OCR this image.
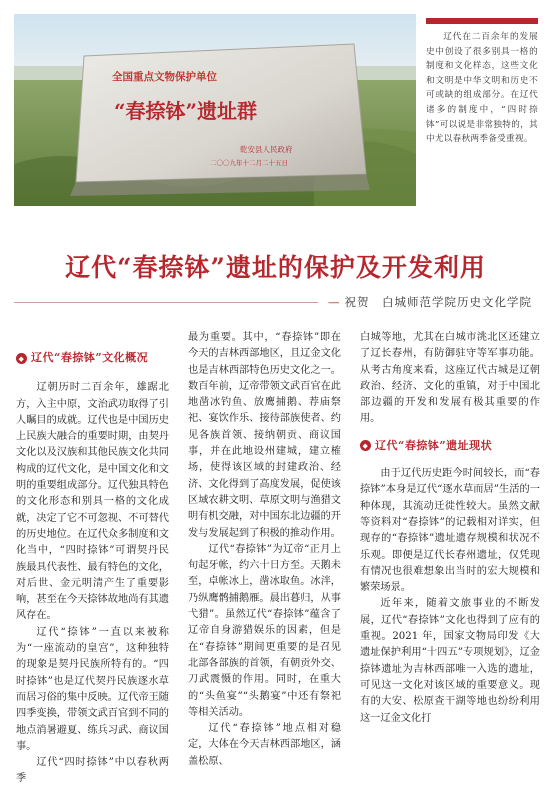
全国重点文物保护单位
“春捺钵”遗址群
乾安县人民政府
二〇〇九年十二月二十五日
辽代在二百余年的发展史中创设了很多别具一格的制度和文化样态，这些文化和文明是中华文明和历史不可或缺的组成部分。在辽代诸多的制度中，“四时捺钵”可以说是非常独特的，其中尤以春秋两季备受重视。
辽代“春捺钵”遗址的保护及开发利用
— 祝贺　白城师范学院历史文化学院
◆ 辽代“春捺钵”文化概况

辽朝历时二百余年，雄踞北方，入主中原，文治武功取得了引人瞩目的成就。辽代也是中国历史上民族大融合的重要时期，由契丹文化以及汉族和其他民族文化共同构成的辽代文化，是中国文化和文明的重要组成部分。辽代独具特色的文化形态和别具一格的文化成就，决定了它不可忽视、不可替代的历史地位。在辽代众多制度和文化当中，“四时捺钵”可谓契丹民族最具代表性、最有特色的文化，对后世、金元明清产生了重要影响，甚至在今天捺钵故地尚有其遗风存在。

辽代“捺钵”一直以来被称为“一座流动的皇宫”，这种独特的现象是契丹民族所特有的。“四时捺钵”也是辽代契丹民族逐水草而居习俗的集中反映。辽代帝王随四季变换，带领文武百官到不同的地点消暑避夏、练兵习武、商议国事。

辽代“四时捺钵”中以春秋两季

最为重要。其中，“春捺钵”即在今天的吉林西部地区，且辽金文化也是吉林西部特色历史文化之一。数百年前，辽帝带领文武百官在此地凿冰钓鱼、放鹰捕鹅、荐庙祭祀、宴饮作乐、接待部族使者、约见各族首领、接纳朝贡、商议国事，并在此地设州建城，建立榷场，使得该区域的封建政治、经济、文化得到了高度发展，促使该区域农耕文明、草原文明与渔猎文明有机交融，对中国东北边疆的开发与发展起到了积极的推动作用。

辽代“春捺钵”为辽帝“正月上旬起牙帐，约六十日方至。天鹅未至，卓帐冰上，凿冰取鱼。冰泮，乃纵鹰鹘捕鹅雁。晨出暮归，从事弋猎”。虽然辽代“春捺钵”蕴含了辽帝自身游猎娱乐的因素，但是在“春捺钵”期间更重要的是召见北部各部族的首领，有朝贡外交、刀武震慑的作用。同时，在重大的“头鱼宴”“头鹅宴”中还有祭祀等相关活动。

辽代“春捺钵”地点相对稳定，大体在今天吉林西部地区，涵盖松原、

白城等地，尤其在白城市洮北区还建立了辽长春州，有防御驻守等军事功能。从考古角度来看，这座辽代古城是辽朝政治、经济、文化的重镇，对于中国北部边疆的开发和发展有极其重要的作用。

◆ 辽代“春捺钵”遗址现状

由于辽代历史距今时间较长，而“春捺钵”本身是辽代“逐水草而居”生活的一种体现，其流动迁徙性较大。虽然文献等资料对“春捺钵”的记载相对详实，但现存的“春捺钵”遗址遗存规模和状况不乐观。即便是辽代长春州遗址，仅凭现有情况也很难想象出当时的宏大规模和繁荣场景。

近年来，随着文旅事业的不断发展，辽代“春捺钵”文化也得到了应有的重视。2021 年，国家文物局印发《大遗址保护利用“十四五”专项规划》，辽金捺钵遗址为吉林西部唯一入选的遗址，可见这一文化对该区域的重要意义。现有的大安、松原查干湖等地也纷纷利用这一辽金文化打
